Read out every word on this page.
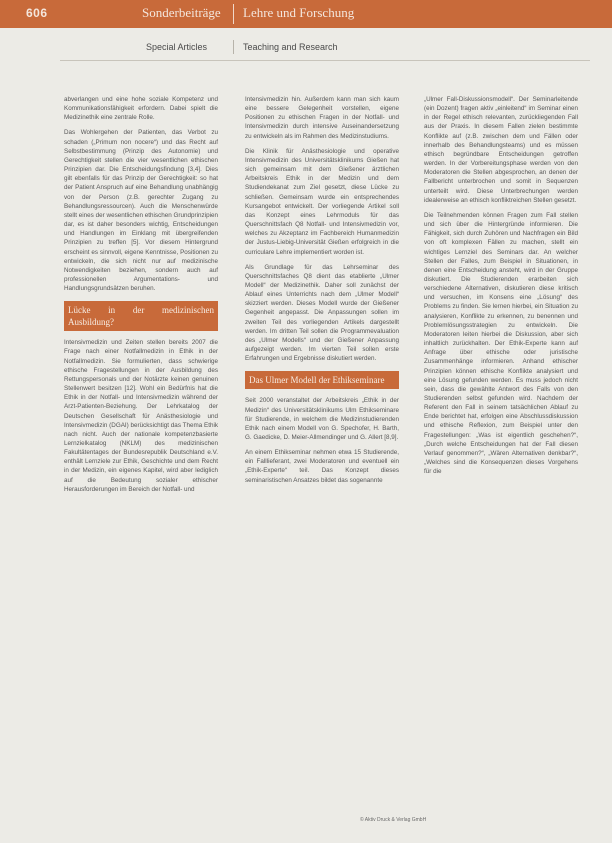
606	Sonderbeiträge Lehre und Forschung
Special Articles	Teaching and Research

abverlangen und eine hohe soziale Kompetenz und Kommunikationsfähigkeit erfordern. Dabei spielt die Medizinethik eine zentrale Rolle.

Das Wohlergehen der Patienten, das Verbot zu schaden („Primum non nocere“) und das Recht auf Selbstbestimmung (Prinzip des Autonomie) und Gerechtigkeit stellen die vier wesentlichen ethischen Prinzipien dar. Die Entscheidungsfindung [3,4]. Dies gilt ebenfalls für das Prinzip der Gerechtigkeit: so hat der Patient Anspruch auf eine Behandlung unabhängig von der Person (z.B. gerechter Zugang zu Behandlungsressourcen). Auch die Menschenwürde stellt eines der wesentlichen ethischen Grundprinzipien dar, es ist daher besonders wichtig, Entscheidungen und Handlungen im Einklang mit übergreifenden Prinzipien zu treffen [5]. Vor diesem Hintergrund erscheint es sinnvoll, eigene Kenntnisse, Positionen zu entwickeln, die sich nicht nur auf medizinische Notwendigkeiten beziehen, sondern auch auf professionellen Argumentations- und Handlungsgrundsätzen beruhen.

Lücke in der medizinischen Ausbildung?

Intensivmedizin und Zeiten stellen bereits 2007 die Frage nach einer Notfallmedizin in Ethik in der Notfallmedizin. Sie formulierten, dass schwierige ethische Fragestellungen in der Ausbildung des Rettungspersonals und der Notärzte keinen genuinen Stellenwert besitzen [12]. Wohl ein Bedürfnis hat die Ethik in der Notfall- und Intensivmedizin während der Arzt-Patienten-Beziehung. Der Lehrkatalog der Deutschen Gesellschaft für Anästhesiologie und Intensivmedizin (DGAI) berücksichtigt das Thema Ethik nach nicht. Auch der nationale kompetenzbasierte Lernzielkatalog (NKLM) des medizinischen Fakultätentages der Bundesrepublik Deutschland e.V. enthält Lernziele zur Ethik, Geschichte und dem Recht in der Medizin, ein eigenes Kapitel, wird aber lediglich auf die Bedeutung sozialer ethischer Herausforderungen im Bereich der Notfall- und

Intensivmedizin hin. Außerdem kann man sich kaum eine bessere Gelegenheit vorstellen, eigene Positionen zu ethischen Fragen in der Notfall- und Intensivmedizin durch intensive Auseinandersetzung zu entwickeln als im Rahmen des Medizinstudiums.

Die Klinik für Anästhesiologie und operative Intensivmedizin des Universitätsklinikums Gießen hat sich gemeinsam mit dem Gießener ärztlichen Arbeitskreis Ethik in der Medizin und dem Studiendekanat zum Ziel gesetzt, diese Lücke zu schließen. Gemeinsam wurde ein entsprechendes Kursangebot entwickelt. Der vorliegende Artikel soll das Konzept eines Lehrmoduls für das Querschnittsfach Q8 Notfall- und Intensivmedizin vor, welches zu Akzeptanz im Fachbereich Humanmedizin der Justus-Liebig-Universität Gießen erfolgreich in die curriculare Lehre implementiert worden ist.

Als Grundlage für das Lehrseminar des Querschnittsfaches Q8 dient das etablierte „Ulmer Modell“ der Medizinethik. Daher soll zunächst der Ablauf eines Unterrichts nach dem „Ulmer Modell“ skizziert werden. Dieses Modell wurde der Gießener Gegenheit angepasst. Die Anpassungen sollen im zweiten Teil des vorliegenden Artikels dargestellt werden. Im dritten Teil sollen die Programmevaluation des „Ulmer Modells“ und der Gießener Anpassung aufgezeigt werden. Im vierten Teil sollen erste Erfahrungen und Ergebnisse diskutiert werden.

Das Ulmer Modell der Ethikseminare

Seit 2000 veranstaltet der Arbeitskreis „Ethik in der Medizin“ des Universitätsklinikums Ulm Ethikseminare für Studierende, in welchem die Medizinstudierenden Ethik nach einem Modell von G. Spechofer, H. Barth, G. Gaedicke, D. Meier-Allmendinger und G. Allert [8,9].

An einem Ethikseminar nehmen etwa 15 Studierende, ein Falllieferant, zwei Moderatoren und eventuell ein „Ethik-Experte“ teil. Das Konzept dieses seminaristischen Ansatzes bildet das sogenannte

„Ulmer Fall-Diskussionsmodell“. Der Seminarleitende (ein Dozent) fragen aktiv „einleitend“ im Seminar einen in der Regel ethisch relevanten, zurückliegenden Fall aus der Praxis. In diesem Fallen zielen bestimmte Konflikte auf (z.B. zwischen dem und Fällen oder innerhalb des Behandlungsteams) und es müssen ethisch begründbare Entscheidungen getroffen werden. In der Vorbereitungsphase werden von den Moderatoren die Stellen abgesprochen, an denen der Fallbericht unterbrochen und somit in Sequenzen unterteilt wird. Diese Unterbrechungen werden idealerweise an ethisch konfliktreichen Stellen gesetzt.

Die Teilnehmenden können Fragen zum Fall stellen und sich über die Hintergründe informieren. Die Fähigkeit, sich durch Zuhören und Nachfragen ein Bild von oft komplexen Fällen zu machen, stellt ein wichtiges Lernziel des Seminars dar. An welcher Stellen der Falles, zum Beispiel in Situationen, in denen eine Entscheidung ansteht, wird in der Gruppe diskutiert. Die Studierenden erarbeiten sich verschiedene Alternativen, diskutieren diese kritisch und versuchen, im Konsens eine „Lösung“ des Problems zu finden. Sie lernen hierbei, ein Situation zu analysieren, Konflikte zu erkennen, zu benennen und Problemlösungsstrategien zu entwickeln. Die Moderatoren leiten hierbei die Diskussion, aber sich inhaltlich zurückhalten. Der Ethik-Experte kann auf Anfrage über ethische oder juristische Zusammenhänge informieren. Anhand ethischer Prinzipien können ethische Konflikte analysiert und eine Lösung gefunden werden. Es muss jedoch nicht sein, dass die gewählte Antwort des Falls von den Studierenden selbst gefunden wird. Nachdem der Referent den Fall in seinem tatsächlichen Ablauf zu Ende berichtet hat, erfolgen eine Abschlussdiskussion und ethische Reflexion, zum Beispiel unter den Fragestellungen: „Was ist eigentlich geschehen?“, „Durch welche Entscheidungen hat der Fall diesen Verlauf genommen?“, „Wären Alternativen denkbar?“, „Welches sind die Konsequenzen dieses Vorgehens für die

© Aktiv Druck & Verlag GmbH
